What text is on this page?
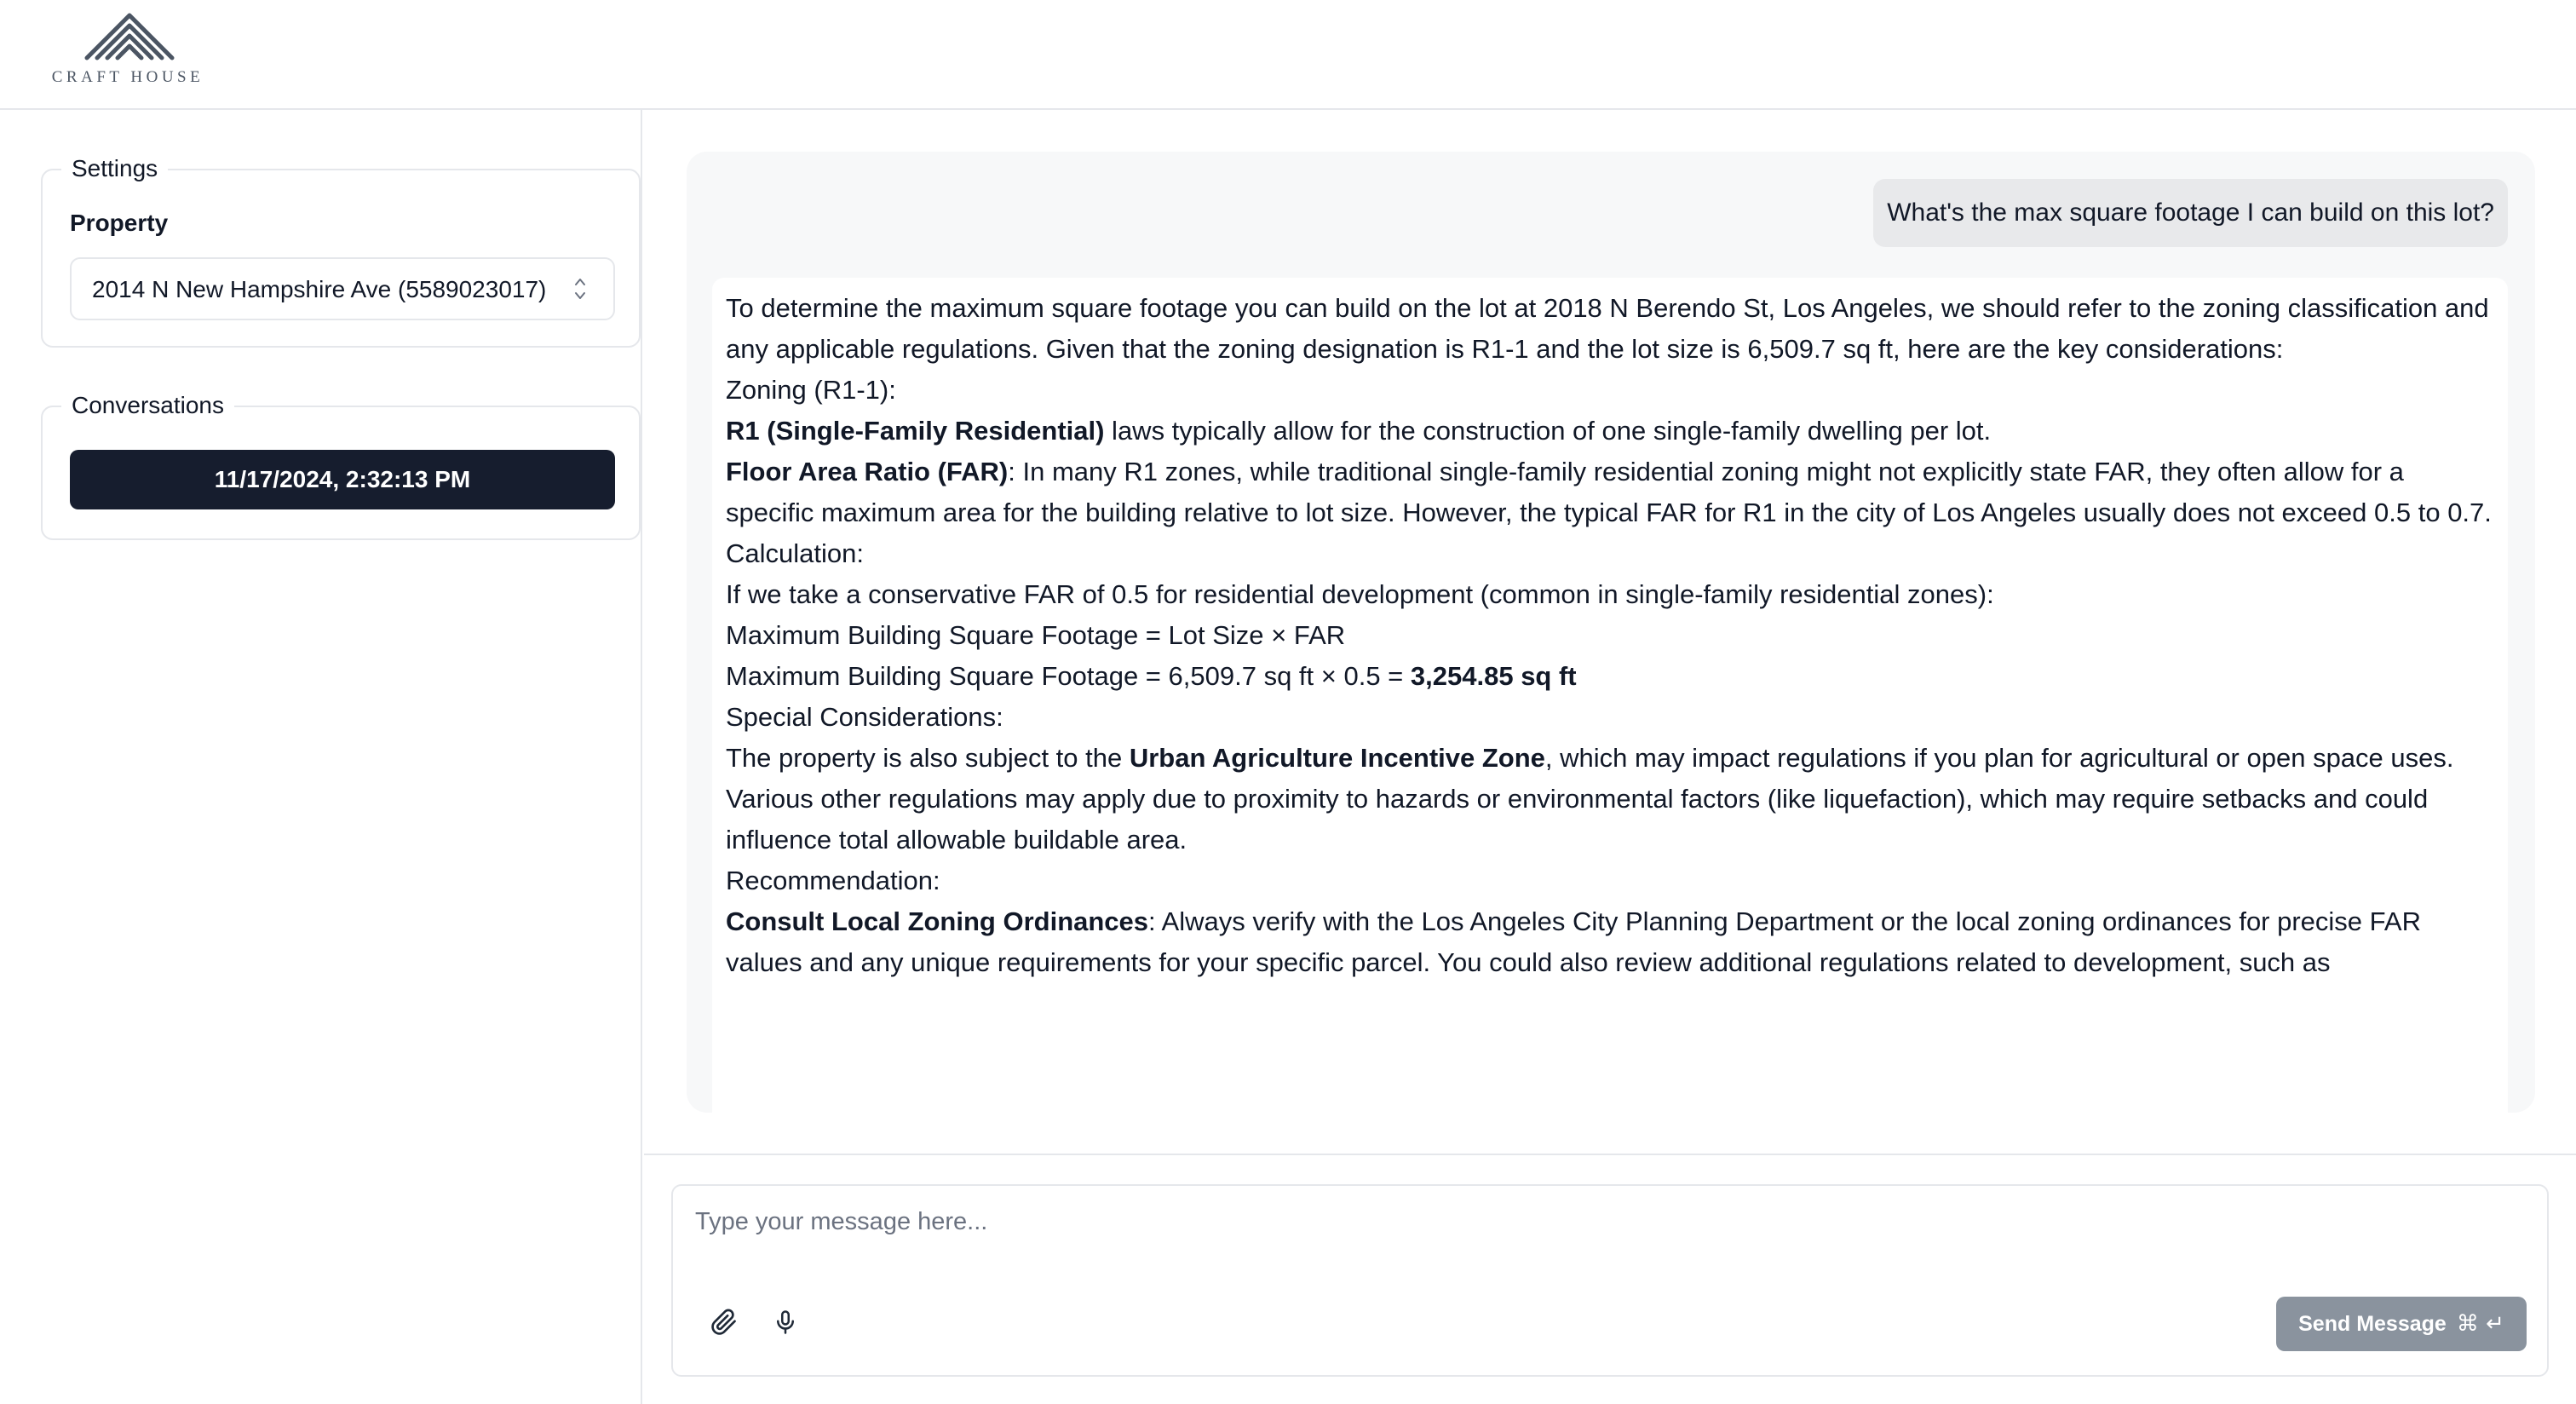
CRAFT HOUSE
Settings
Property
2014 N New Hampshire Ave (5589023017)
Conversations
11/17/2024, 2:32:13 PM
What's the max square footage I can build on this lot?

To determine the maximum square footage you can build on the lot at 2018 N Berendo St, Los Angeles, we should refer to the zoning classification and any applicable regulations. Given that the zoning designation is R1-1 and the lot size is 6,509.7 sq ft, here are the key considerations:

Zoning (R1-1):

R1 (Single-Family Residential) laws typically allow for the construction of one single-family dwelling per lot.

Floor Area Ratio (FAR): In many R1 zones, while traditional single-family residential zoning might not explicitly state FAR, they often allow for a specific maximum area for the building relative to lot size. However, the typical FAR for R1 in the city of Los Angeles usually does not exceed 0.5 to 0.7.

Calculation:

If we take a conservative FAR of 0.5 for residential development (common in single-family residential zones):

Maximum Building Square Footage = Lot Size × FAR

Maximum Building Square Footage = 6,509.7 sq ft × 0.5 = 3,254.85 sq ft

Special Considerations:

The property is also subject to the Urban Agriculture Incentive Zone, which may impact regulations if you plan for agricultural or open space uses.

Various other regulations may apply due to proximity to hazards or environmental factors (like liquefaction), which may require setbacks and could influence total allowable buildable area.

Recommendation:

Consult Local Zoning Ordinances: Always verify with the Los Angeles City Planning Department or the local zoning ordinances for precise FAR values and any unique requirements for your specific parcel. You could also review additional regulations related to development, such as

Type your message here...
Send Message ⌘ ↵
